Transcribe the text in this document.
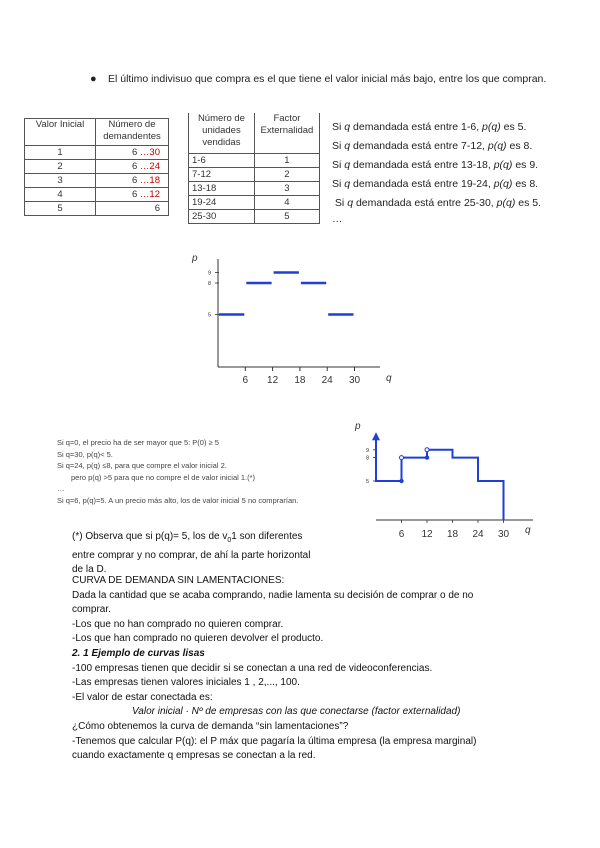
● El último indivisuo que compra es el que tiene el valor inicial más bajo, entre los que compran.
Valor Inicial	Número de demandentes
1	6 …30
2	6 …24
3	6 …18
4	6 …12
5	6
Número de unidades vendidas	Factor Externalidad
1-6	1
7-12	2
13-18	3
19-24	4
25-30	5
Si q demandada está entre 1-6, p(q) es 5.
Si q demandada está entre 7-12, p(q) es 8.
Si q demandada está entre 13-18, p(q) es 9.
Si q demandada está entre 19-24, p(q) es 8.
Si q demandada está entre 25-30, p(q) es 5.
…
p
q
6 12 18 24 30
5
8
9
p
q
6 12 18 24 30
5
8
9
Si q=0, el precio ha de ser mayor que 5: P(0) ≥ 5
Si q=30, p(q)< 5.
Si q=24, p(q) ≤8, para que compre el valor inicial 2.
pero p(q) >5 para que no compre el de valor inicial 1.(*)
…
Si q=6, p(q)=5. A un precio más alto, los de valor inicial 5 no comprarían.
(*) Observa que si p(q)= 5, los de $v_01$ son diferentes
entre comprar y no comprar, de ahí la parte horizontal
de la D.
CURVA DE DEMANDA SIN LAMENTACIONES:
Dada la cantidad que se acaba comprando, nadie lamenta su decisión de comprar o de no
comprar.
-Los que no han comprado no quieren comprar.
-Los que han comprado no quieren devolver el producto.
2. 1 Ejemplo de curvas lisas
-100 empresas tienen que decidir si se conectan a una red de videoconferencias.
-Las empresas tienen valores iniciales 1 , 2,..., 100.
-El valor de estar conectada es:
Valor inicial · Nº de empresas con las que conectarse (factor externalidad)
¿Cómo obtenemos la curva de demanda “sin lamentaciones”?
-Tenemos que calcular P(q): el P máx que pagaría la última empresa (la empresa marginal)
cuando exactamente q empresas se conectan a la red.
